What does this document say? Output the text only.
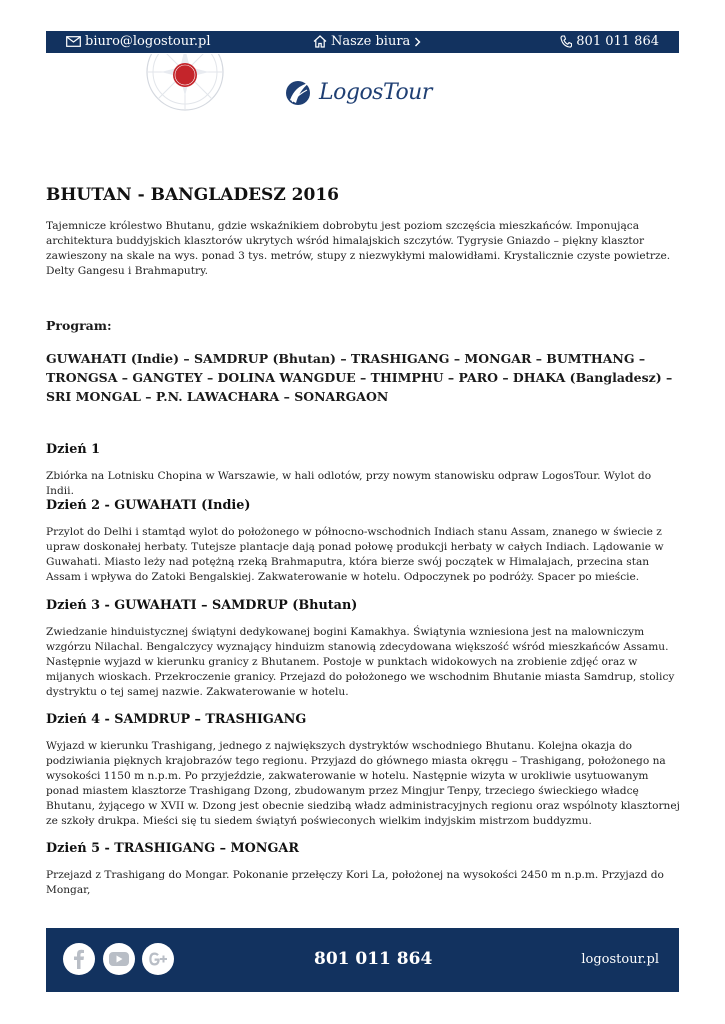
biuro@logostour.pl	Nasze biura	801 011 864
LogosTour
BHUTAN - BANGLADESZ 2016

Tajemnicze królestwo Bhutanu, gdzie wskaźnikiem dobrobytu jest poziom szczęścia mieszkańców. Imponująca architektura buddyjskich klasztorów ukrytych wśród himalajskich szczytów. Tygrysie Gniazdo – piękny klasztor zawieszony na skale na wys. ponad 3 tys. metrów, stupy z niezwykłymi malowidłami. Krystalicznie czyste powietrze. Delty Gangesu i Brahmaputry.

Program:

GUWAHATI (Indie) – SAMDRUP (Bhutan) – TRASHIGANG – MONGAR – BUMTHANG – TRONGSA – GANGTEY – DOLINA WANGDUE – THIMPHU – PARO – DHAKA (Bangladesz) – SRI MONGAL – P.N. LAWACHARA – SONARGAON

Dzień 1

Zbiórka na Lotnisku Chopina w Warszawie, w hali odlotów, przy nowym stanowisku odpraw LogosTour. Wylot do Indii.

Dzień 2 - GUWAHATI (Indie)

Przylot do Delhi i stamtąd wylot do położonego w północno-wschodnich Indiach stanu Assam, znanego w świecie z upraw doskonałej herbaty. Tutejsze plantacje dają ponad połowę produkcji herbaty w całych Indiach. Lądowanie w Guwahati. Miasto leży nad potężną rzeką Brahmaputra, która bierze swój początek w Himalajach, przecina stan Assam i wpływa do Zatoki Bengalskiej. Zakwaterowanie w hotelu. Odpoczynek po podróży. Spacer po mieście.

Dzień 3 - GUWAHATI – SAMDRUP (Bhutan)

Zwiedzanie hinduistycznej świątyni dedykowanej bogini Kamakhya. Świątynia wzniesiona jest na malowniczym wzgórzu Nilachal. Bengalczycy wyznający hinduizm stanowią zdecydowana większość wśród mieszkańców Assamu. Następnie wyjazd w kierunku granicy z Bhutanem. Postoje w punktach widokowych na zrobienie zdjęć oraz w mijanych wioskach. Przekroczenie granicy. Przejazd do położonego we wschodnim Bhutanie miasta Samdrup, stolicy dystryktu o tej samej nazwie. Zakwaterowanie w hotelu.

Dzień 4 - SAMDRUP – TRASHIGANG

Wyjazd w kierunku Trashigang, jednego z największych dystryktów wschodniego Bhutanu. Kolejna okazja do podziwiania pięknych krajobrazów tego regionu. Przyjazd do głównego miasta okręgu – Trashigang, położonego na wysokości 1150 m n.p.m. Po przyjeździe, zakwaterowanie w hotelu. Następnie wizyta w urokliwie usytuowanym ponad miastem klasztorze Trashigang Dzong, zbudowanym przez Mingjur Tenpy, trzeciego świeckiego władcę Bhutanu, żyjącego w XVII w. Dzong jest obecnie siedzibą władz administracyjnych regionu oraz wspólnoty klasztornej ze szkoły drukpa. Mieści się tu siedem świątyń poświeconych wielkim indyjskim mistrzom buddyzmu.

Dzień 5 - TRASHIGANG – MONGAR

Przejazd z Trashigang do Mongar. Pokonanie przełęczy Kori La, położonej na wysokości 2450 m n.p.m. Przyjazd do Mongar,

801 011 864	logostour.pl
